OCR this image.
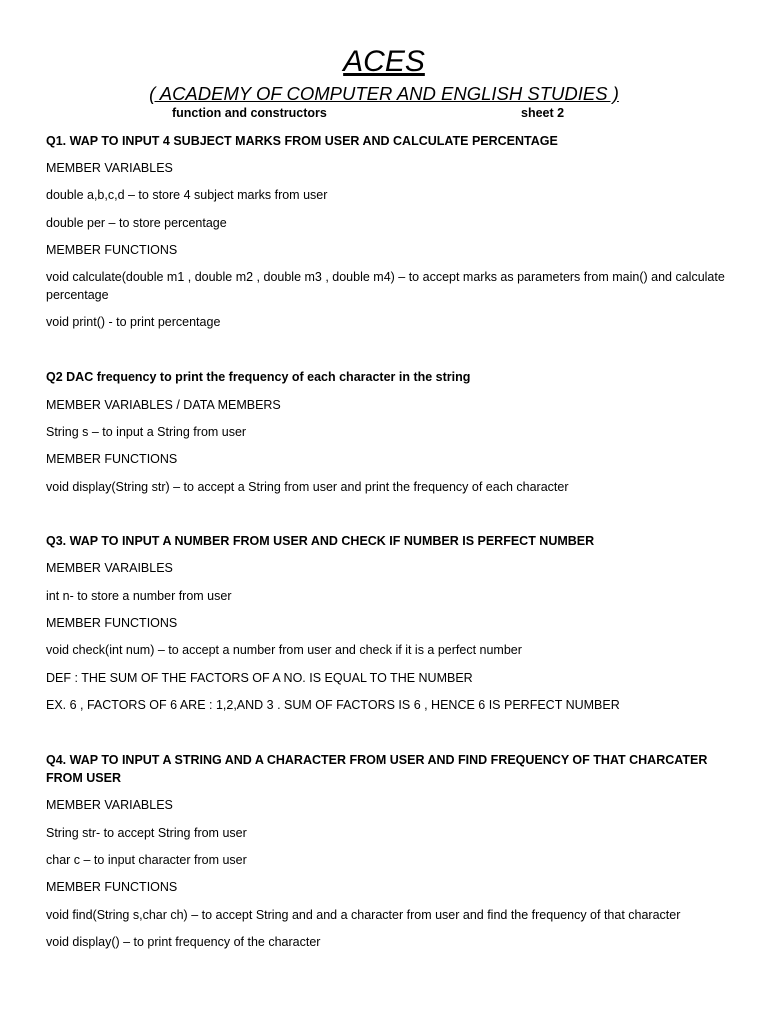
ACES
( ACADEMY OF COMPUTER AND ENGLISH STUDIES )
function and constructors	sheet 2

Q1. WAP TO INPUT 4 SUBJECT MARKS FROM USER AND CALCULATE PERCENTAGE

MEMBER VARIABLES

double a,b,c,d – to store 4 subject marks from user

double per – to store percentage

MEMBER FUNCTIONS

void calculate(double m1 , double m2 , double m3 , double m4) – to accept marks as parameters from main() and calculate percentage

void print() - to print percentage

Q2 DAC frequency to print the frequency of each character in the string

MEMBER VARIABLES / DATA MEMBERS

String s – to input a String from user

MEMBER FUNCTIONS

void display(String str) – to accept a String from user and print the frequency of each character

Q3. WAP TO INPUT A NUMBER FROM USER AND CHECK IF NUMBER IS PERFECT NUMBER

MEMBER VARAIBLES

int n- to store a number from user

MEMBER FUNCTIONS

void check(int num) – to accept a number from user and check if it is a perfect number

DEF : THE SUM OF THE FACTORS OF A NO. IS EQUAL TO THE NUMBER

EX. 6 , FACTORS OF 6 ARE : 1,2,AND 3 . SUM OF FACTORS IS 6 , HENCE 6 IS PERFECT NUMBER

Q4. WAP TO INPUT A STRING AND A CHARACTER FROM USER AND FIND FREQUENCY OF THAT CHARCATER FROM USER

MEMBER VARIABLES

String str- to accept String from user

char c – to input character from user

MEMBER FUNCTIONS

void find(String s,char ch) – to accept String and and a character from user and find the frequency of that character

void display() – to print frequency of the character
